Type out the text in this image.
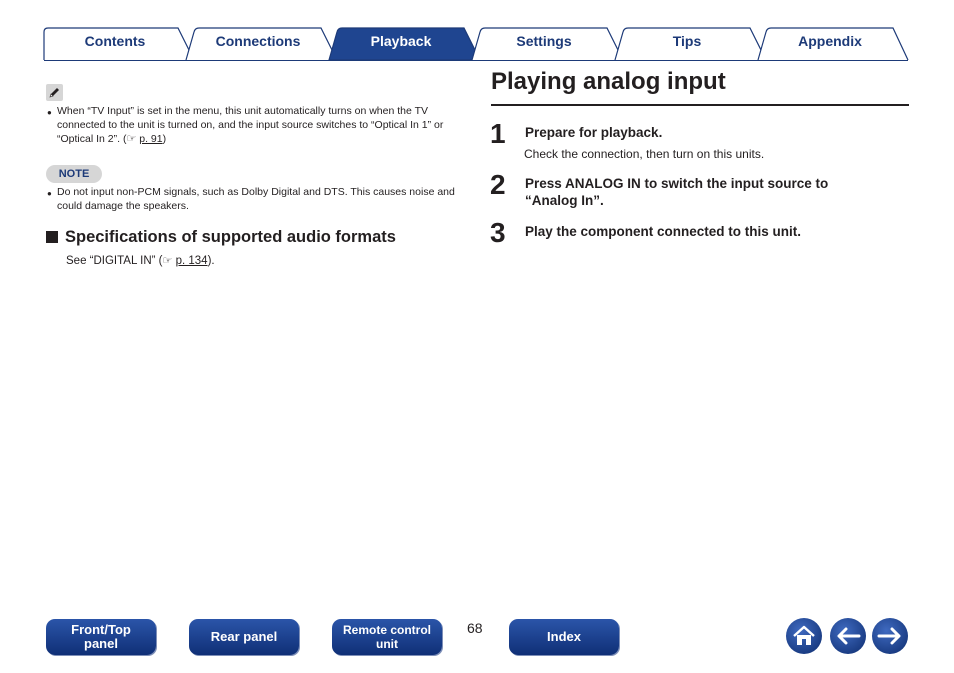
Contents	Connections	Playback	Settings	Tips	Appendix
● When “TV Input” is set in the menu, this unit automatically turns on when the TV connected to the unit is turned on, and the input source switches to “Optical In 1” or “Optical In 2”. (☞ p. 91)
NOTE
● Do not input non-PCM signals, such as Dolby Digital and DTS. This causes noise and could damage the speakers.
Specifications of supported audio formats
See “DIGITAL IN” (☞ p. 134).
Playing analog input
1 Prepare for playback.
Check the connection, then turn on this units.
2 Press ANALOG IN to switch the input source to “Analog In”.
3 Play the component connected to this unit.
Front/Top panel	Rear panel	Remote control unit
68
Index
